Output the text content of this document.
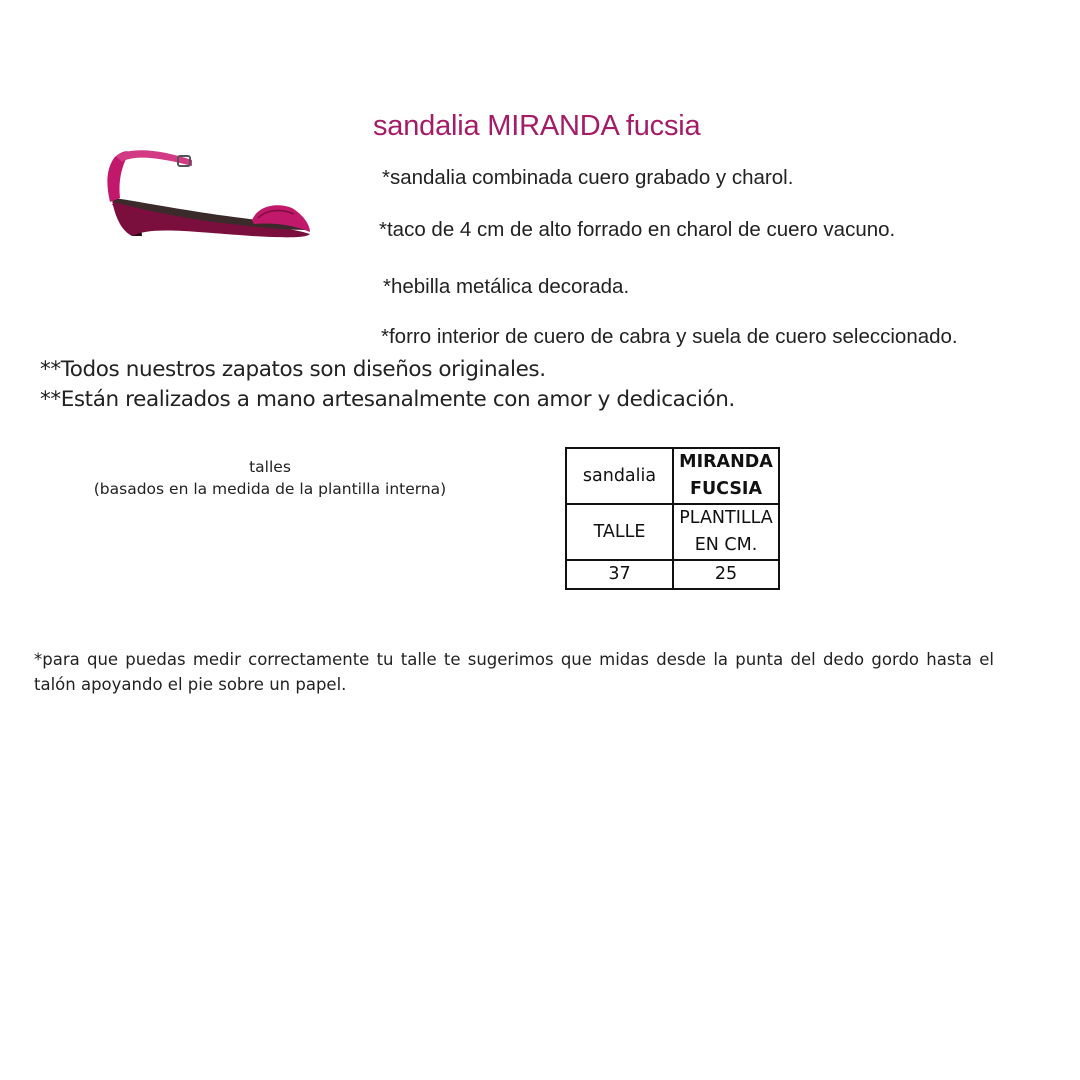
sandalia MIRANDA fucsia
*sandalia combinada cuero grabado y charol.
*taco de 4 cm de alto forrado en charol de cuero vacuno.
*hebilla metálica decorada.
*forro interior de cuero de cabra y suela de cuero seleccionado.
**Todos nuestros zapatos son diseños originales.
**Están realizados a mano artesanalmente con amor y dedicación.
talles
(basados en la medida de la plantilla interna)
sandalia	MIRANDA
FUCSIA

TALLE	PLANTILLA
EN CM.

37	25
*para que puedas medir correctamente tu talle te sugerimos que midas desde la punta del dedo gordo hasta el talón apoyando el pie sobre un papel.
